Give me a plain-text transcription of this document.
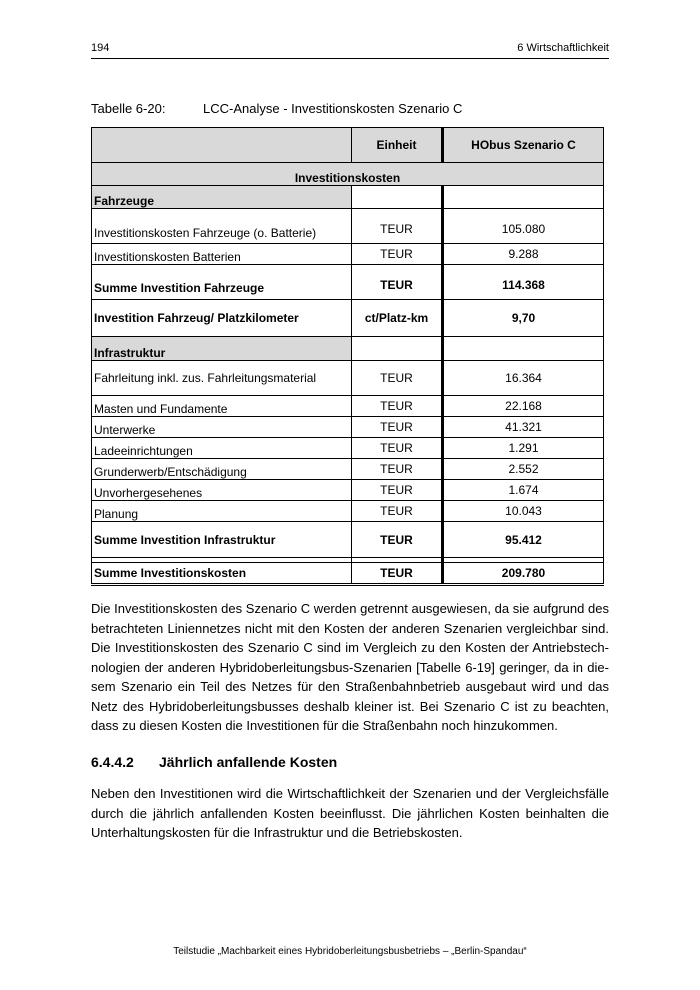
194	6 Wirtschaftlichkeit
Tabelle 6-20:	LCC-Analyse - Investitionskosten Szenario C
	Einheit	HObus Szenario C
Investitionskosten		
Fahrzeuge		
Investitionskosten Fahrzeuge (o. Batterie)	TEUR	105.080
Investitionskosten Batterien	TEUR	9.288
Summe Investition Fahrzeuge	TEUR	114.368
Investition Fahrzeug/ Platzkilometer	ct/Platz-km	9,70
Infrastruktur		
Fahrleitung inkl. zus. Fahrleitungsmaterial	TEUR	16.364
Masten und Fundamente	TEUR	22.168
Unterwerke	TEUR	41.321
Ladeeinrichtungen	TEUR	1.291
Grunderwerb/Entschädigung	TEUR	2.552
Unvorhergesehenes	TEUR	1.674
Planung	TEUR	10.043
Summe Investition Infrastruktur	TEUR	95.412

Summe Investitionskosten	TEUR	209.780

Die Investitionskosten des Szenario C werden getrennt ausgewiesen, da sie aufgrund des betrachteten Liniennetzes nicht mit den Kosten der anderen Szenarien vergleichbar sind. Die Investitionskosten des Szenario C sind im Vergleich zu den Kosten der Antriebstechnologien der anderen Hybridoberleitungsbus-Szenarien [Tabelle 6-19] geringer, da in diesem Szenario ein Teil des Netzes für den Straßenbahnbetrieb ausgebaut wird und das Netz des Hybridoberleitungsbusses deshalb kleiner ist. Bei Szenario C ist zu beachten, dass zu diesen Kosten die Investitionen für die Straßenbahn noch hinzukommen.

6.4.4.2 Jährlich anfallende Kosten

Neben den Investitionen wird die Wirtschaftlichkeit der Szenarien und der Vergleichsfälle durch die jährlich anfallenden Kosten beeinflusst. Die jährlichen Kosten beinhalten die Unterhaltungskosten für die Infrastruktur und die Betriebskosten.

Teilstudie „Machbarkeit eines Hybridoberleitungsbusbetriebs – „Berlin-Spandau“
